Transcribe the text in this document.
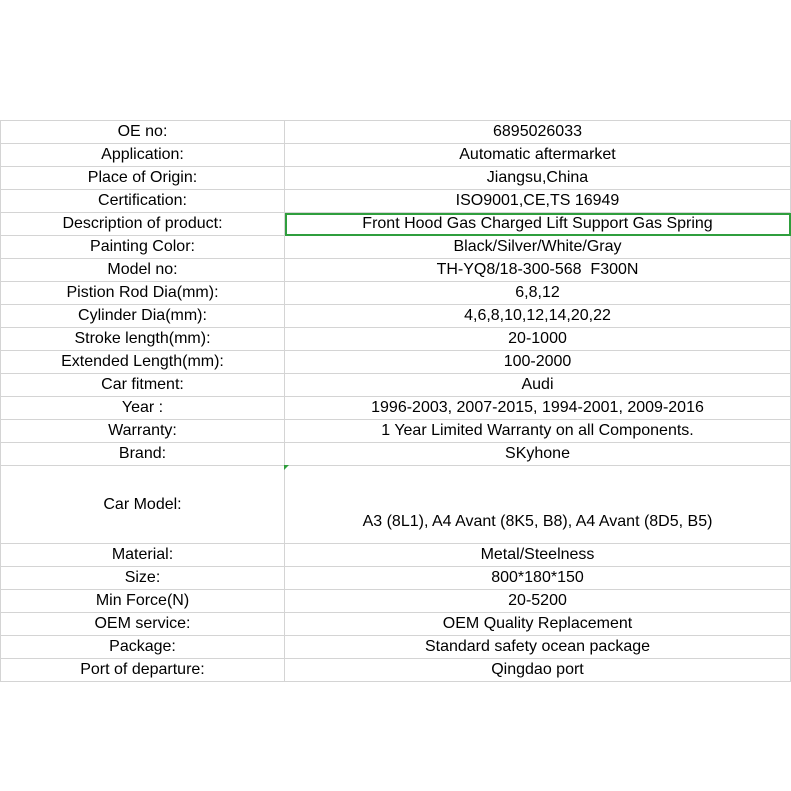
OE no:	6895026033
Application:	Automatic aftermarket
Place of Origin:	Jiangsu,China
Certification:	ISO9001,CE,TS 16949
Description of product:	Front Hood Gas Charged Lift Support Gas Spring
Painting Color:	Black/Silver/White/Gray
Model no:	TH-YQ8/18-300-568  F300N
Pistion Rod Dia(mm):	6,8,12
Cylinder Dia(mm):	4,6,8,10,12,14,20,22
Stroke length(mm):	20-1000
Extended Length(mm):	100-2000
Car fitment:	Audi
Year :	1996-2003, 2007-2015, 1994-2001, 2009-2016
Warranty:	1 Year Limited Warranty on all Components.
Brand:	SKyhone
Car Model:	A3 (8L1), A4 Avant (8K5, B8), A4 Avant (8D5, B5)
Material:	Metal/Steelness
Size:	800*180*150
Min Force(N)	20-5200
OEM service:	OEM Quality Replacement
Package:	Standard safety ocean package
Port of departure:	Qingdao port
